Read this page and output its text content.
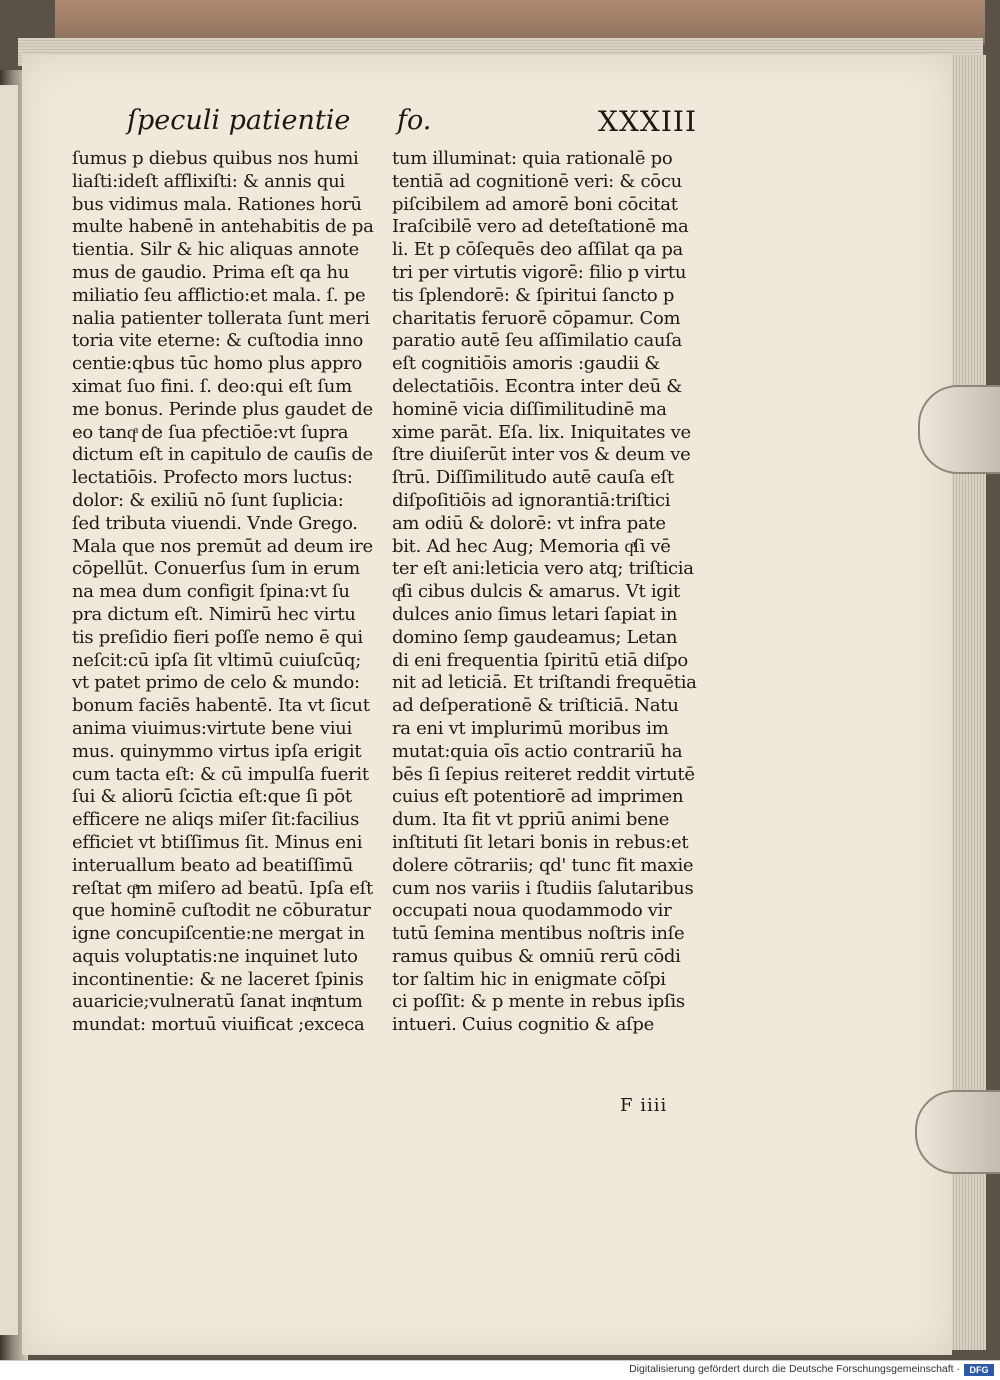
ſpeculi patientie fo.	XXXIII
ſumus p diebus quibus nos humi
liaſti:ideſt afflixiſti: & annis qui
bus vidimus mala. Rationes horū
multe habenē in antehabitis de pa
tientia. Silr & hic aliquas annote
mus de gaudio. Prima eſt qa hu
miliatio ſeu afflictio:et mala. ſ. pe
nalia patienter tollerata ſunt meri
toria vite eterne: & cuſtodia inno
centie:qbus tūc homo plus appro
ximat ſuo fini. ſ. deo:qui eſt ſum
me bonus. Perinde plus gaudet de
eo tanqͣ de ſua pfectiōe:vt ſupra
dictum eſt in capitulo de cauſis de
lectatiōis. Profecto mors luctus:
dolor: & exiliū nō ſunt ſuplicia:
ſed tributa viuendi. Vnde Grego.
Mala que nos premūt ad deum ire
cōpellūt. Conuerſus ſum in erum
na mea dum configit ſpina:vt ſu
pra dictum eſt. Nimirū hec virtu
tis preſidio fieri poſſe nemo ē qui
neſcit:cū ipſa ſit vltimū cuiuſcūq;
vt patet primo de celo & mundo:
bonum faciēs habentē. Ita vt ſicut
anima viuimus:virtute bene viui
mus. quinymmo virtus ipſa erigit
cum tacta eſt: & cū impulſa fuerit
ſui & aliorū ſcīctia eſt:que ſi pōt
efficere ne aliqs miſer ſit:facilius
efficiet vt btiſſimus ſit. Minus eni
interuallum beato ad beatiſſimū
reſtat qͣm miſero ad beatū. Ipſa eſt
que hominē cuſtodit ne cōburatur
igne concupiſcentie:ne mergat in
aquis voluptatis:ne inquinet luto
incontinentie: & ne laceret ſpinis
auaricie;vulneratū ſanat inqͣntum
mundat: mortuū viuificat ;exceca
tum illuminat: quia rationalē po
tentiā ad cognitionē veri: & cōcu
piſcibilem ad amorē boni cōcitat
Iraſcibilē vero ad deteſtationē ma
li. Et p cōſequēs deo aſſilat qa pa
tri per virtutis vigorē: filio p virtu
tis ſplendorē: & ſpiritui ſancto p
charitatis feruorē cōpamur. Com
paratio autē ſeu aſſimilatio cauſa
eſt cognitiōis amoris :gaudii &
delectatiōis. Econtra inter deū &
hominē vicia diſſimilitudinē ma
xime parāt. Eſa. lix. Iniquitates ve
ſtre diuiſerūt inter vos & deum ve
ſtrū. Diſſimilitudo autē cauſa eſt
diſpoſitiōis ad ignorantiā:triſtici
am odiū & dolorē: vt infra pate
bit. Ad hec Aug; Memoria qͣſi vē
ter eſt ani:leticia vero atq; triſticia
qͣſi cibus dulcis & amarus. Vt igit
dulces anio ſimus letari ſapiat in
domino ſemp gaudeamus; Letan
di eni frequentia ſpiritū etiā diſpo
nit ad leticiā. Et triſtandi frequētia
ad deſperationē & triſticiā. Natu
ra eni vt implurimū moribus im
mutat:quia oīs actio contrariū ha
bēs ſi ſepius reiteret reddit virtutē
cuius eſt potentiorē ad imprimen
dum. Ita fit vt ppriū animi bene
inſtituti ſit letari bonis in rebus:et
dolere cōtrariis; qd' tunc fit maxie
cum nos variis i ſtudiis ſalutaribus
occupati noua quodammodo vir
tutū ſemina mentibus noſtris inſe
ramus quibus & omniū rerū cōdi
tor ſaltim hic in enigmate cōſpi
ci poſſit: & p mente in rebus ipſis
intueri. Cuius cognitio & aſpe
F iiii
Digitalisierung gefördert durch die Deutsche Forschungsgemeinschaft ·	DFG
